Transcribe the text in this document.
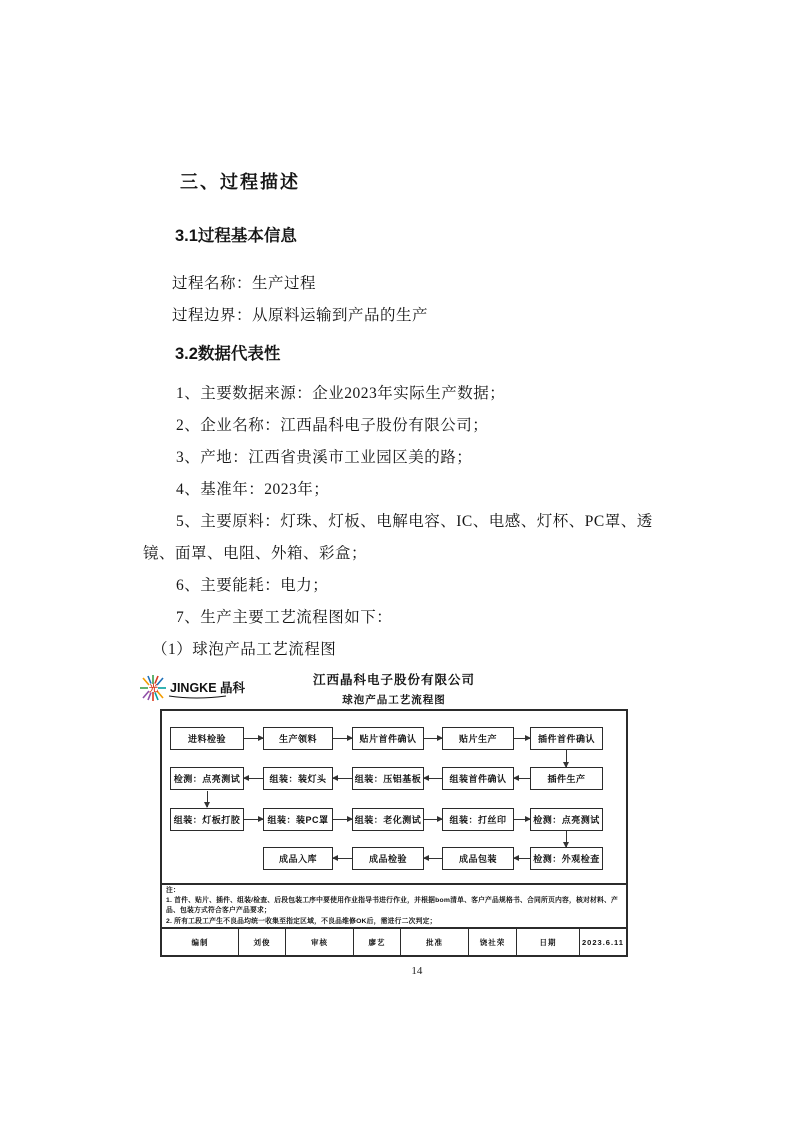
三、过程描述
3.1过程基本信息

过程名称：生产过程

过程边界：从原料运输到产品的生产

3.2数据代表性

1、主要数据来源：企业2023年实际生产数据；

2、企业名称：江西晶科电子股份有限公司；

3、产地：江西省贵溪市工业园区美的路；

4、基准年：2023年；

5、主要原料：灯珠、灯板、电解电容、IC、电感、灯杯、PC罩、透镜、面罩、电阻、外箱、彩盒；

6、主要能耗：电力；

7、生产主要工艺流程图如下：

（1）球泡产品工艺流程图

光 JINGKE 晶科
江西晶科电子股份有限公司
球泡产品工艺流程图
进料检验	生产领料	贴片首件确认	贴片生产	插件首件确认
检测：点亮测试	组装：装灯头	组装：压铝基板	组装首件确认	插件生产
组装：灯板打胶	组装：装PC罩	组装：老化测试	组装：打丝印	检测：点亮测试
成品入库	成品检验	成品包装	检测：外观检查
注：
1. 首件、贴片、插件、组装/检查、后段包装工序中要使用作业指导书进行作业，并根据bom清单、客户产品规格书、合同所页内容，核对材料、产品、包装方式符合客户产品要求；
2. 所有工段工产生不良品均统一收集至指定区域，不良品维修OK后，需进行二次判定；
编制	刘俊	审核	廖艺	批准	饶社荣	日期	2023.6.11
14
